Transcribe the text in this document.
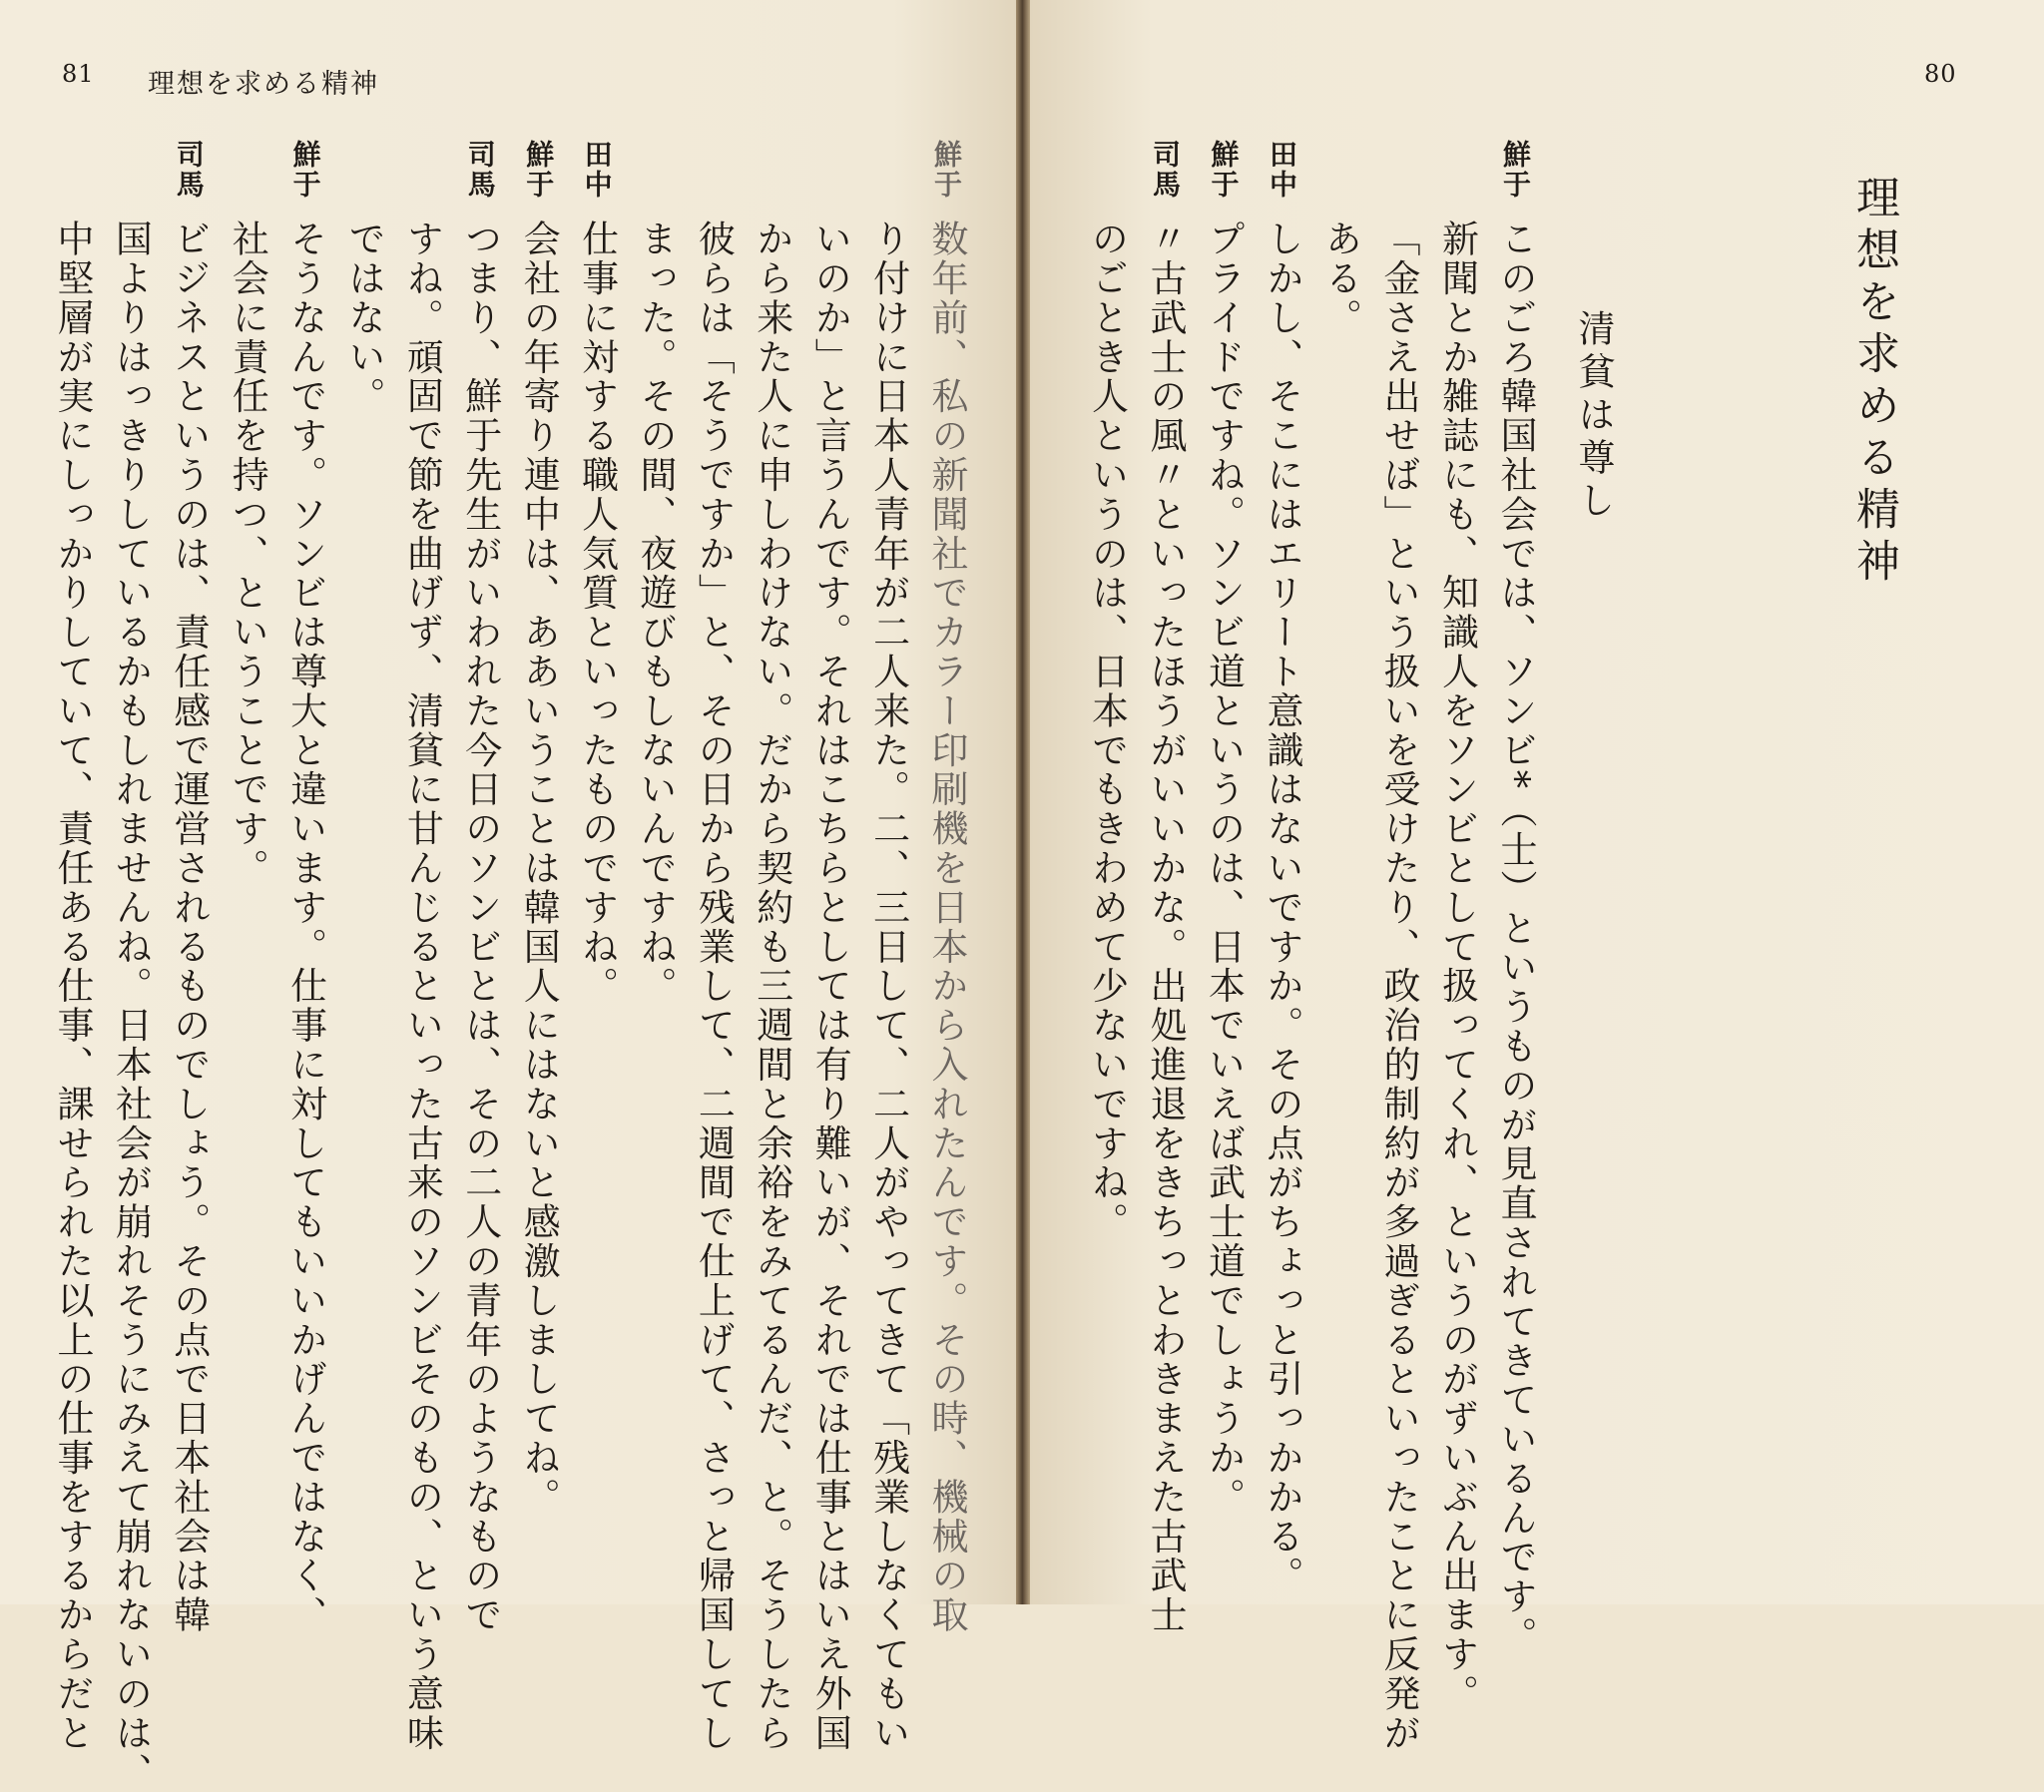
81 理想を求める精神	80
理想を求める精神
清貧は尊し
鮮于数年前、私の新聞社でカラー印刷機を日本から入れたんです。その時、機械の取
り付けに日本人青年が二人来た。二、三日して、二人がやってきて「残業しなくてもい
いのか」と言うんです。それはこちらとしては有り難いが、それでは仕事とはいえ外国
から来た人に申しわけない。だから契約も三週間と余裕をみてるんだ、と。そうしたら
彼らは「そうですか」と、その日から残業して、二週間で仕上げて、さっと帰国してし
まった。その間、夜遊びもしないんですね。
田中仕事に対する職人気質といったものですね。
鮮于会社の年寄り連中は、ああいうことは韓国人にはないと感激しましてね。
司馬つまり、鮮于先生がいわれた今日のソンビとは、その二人の青年のようなもので
すね。頑固で節を曲げず、清貧に甘んじるといった古来のソンビそのもの、という意味
ではない。
鮮于そうなんです。ソンビは尊大と違います。仕事に対してもいいかげんではなく、
社会に責任を持つ、ということです。
司馬ビジネスというのは、責任感で運営されるものでしょう。その点で日本社会は韓
国よりはっきりしているかもしれませんね。日本社会が崩れそうにみえて崩れないのは、
中堅層が実にしっかりしていて、責任ある仕事、課せられた以上の仕事をするからだと
鮮于このごろ韓国社会では、ソンビ*（士）というものが見直されてきているんです。
新聞とか雑誌にも、知識人をソンビとして扱ってくれ、というのがずいぶん出ます。
「金さえ出せば」という扱いを受けたり、政治的制約が多過ぎるといったことに反発が
ある。
田中しかし、そこにはエリート意識はないですか。その点がちょっと引っかかる。
鮮于プライドですね。ソンビ道というのは、日本でいえば武士道でしょうか。
司馬〃古武士の風〃といったほうがいいかな。出処進退をきちっとわきまえた古武士
のごとき人というのは、日本でもきわめて少ないですね。
